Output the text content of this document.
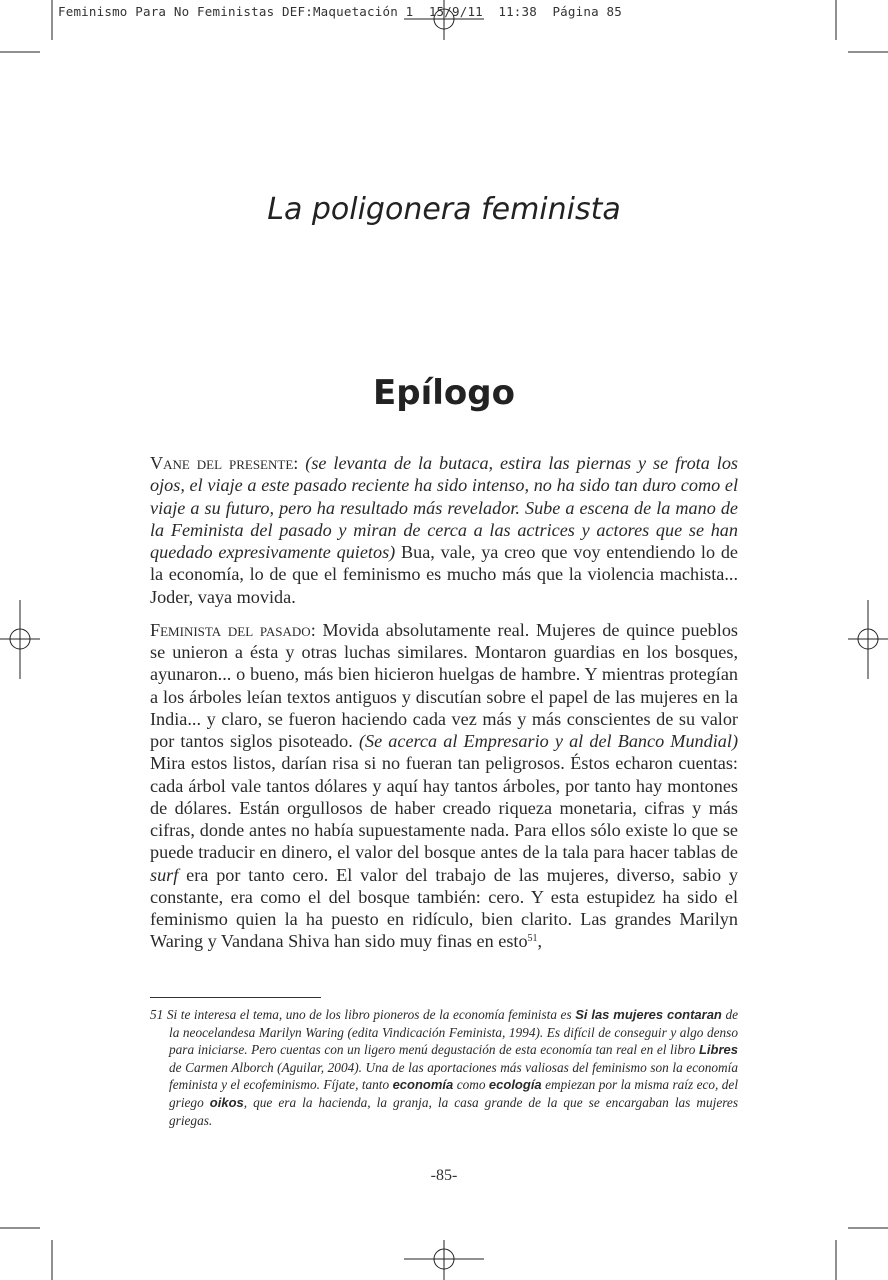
Feminismo Para No Feministas DEF:Maquetación 1  15/9/11  11:38  Página 85
La poligonera feminista
Epílogo

Vane del presente: (se levanta de la butaca, estira las piernas y se frota los ojos, el viaje a este pasado reciente ha sido intenso, no ha sido tan duro como el viaje a su futuro, pero ha resultado más revelador. Sube a escena de la mano de la Feminista del pasado y miran de cerca a las actrices y actores que se han quedado expresivamente quietos) Bua, vale, ya creo que voy entendiendo lo de la economía, lo de que el feminismo es mucho más que la violencia machista... Joder, vaya movida.

Feminista del pasado: Movida absolutamente real. Mujeres de quince pueblos se unieron a ésta y otras luchas similares. Montaron guardias en los bosques, ayunaron... o bueno, más bien hicieron huelgas de hambre. Y mientras protegían a los árboles leían textos antiguos y discutían sobre el papel de las mujeres en la India... y claro, se fueron haciendo cada vez más y más conscientes de su valor por tantos siglos pisoteado. (Se acerca al Empresario y al del Banco Mundial) Mira estos listos, darían risa si no fueran tan peligrosos. Éstos echaron cuentas: cada árbol vale tantos dólares y aquí hay tantos árboles, por tanto hay montones de dólares. Están orgullosos de haber creado riqueza monetaria, cifras y más cifras, donde antes no había supuestamente nada. Para ellos sólo existe lo que se puede traducir en dinero, el valor del bosque antes de la tala para hacer tablas de surf era por tanto cero. El valor del trabajo de las mujeres, diverso, sabio y constante, era como el del bosque también: cero. Y esta estupidez ha sido el feminismo quien la ha puesto en ridículo, bien clarito. Las grandes Marilyn Waring y Vandana Shiva han sido muy finas en esto$^{51}$,

51 Si te interesa el tema, uno de los libro pioneros de la economía feminista es Si las mujeres contaran de la neocelandesa Marilyn Waring (edita Vindicación Feminista, 1994). Es difícil de conseguir y algo denso para iniciarse. Pero cuentas con un ligero menú degustación de esta economía tan real en el libro Libres de Carmen Alborch (Aguilar, 2004). Una de las aportaciones más valiosas del feminismo son la economía feminista y el ecofeminismo. Fíjate, tanto economía como ecología empiezan por la misma raíz eco, del griego oikos, que era la hacienda, la granja, la casa grande de la que se encargaban las mujeres griegas.

-85-
